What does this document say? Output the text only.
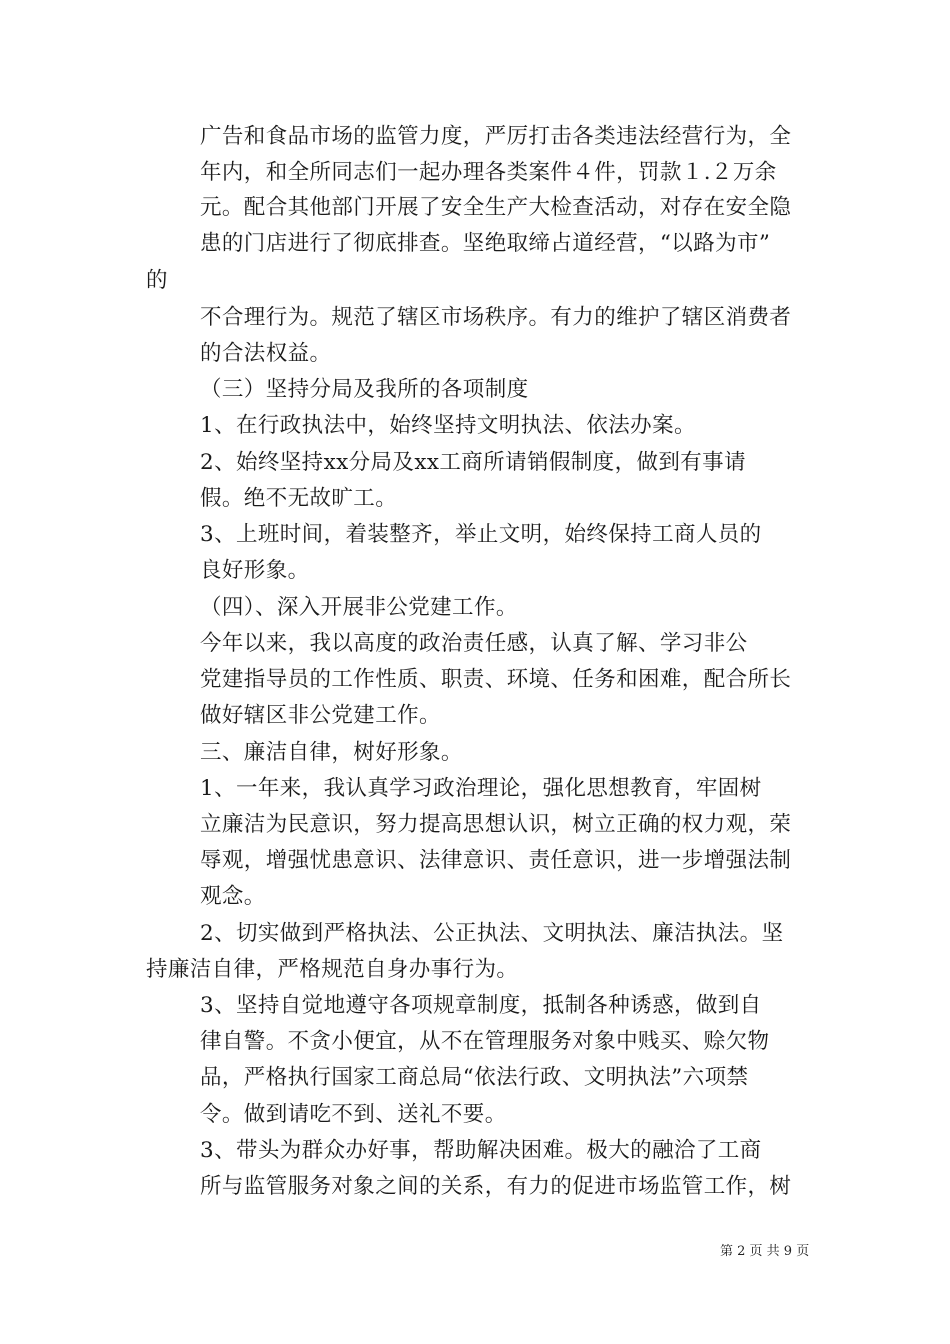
广告和食品市场的监管力度，严厉打击各类违法经营行为，全
年内，和全所同志们一起办理各类案件４件，罚款１.２万余
元。配合其他部门开展了安全生产大检查活动，对存在安全隐
患的门店进行了彻底排查。坚绝取缔占道经营，“以路为市”
的
不合理行为。规范了辖区市场秩序。有力的维护了辖区消费者
的合法权益。
（三）坚持分局及我所的各项制度
1、在行政执法中，始终坚持文明执法、依法办案。
2、始终坚持xx分局及xx工商所请销假制度，做到有事请
假。绝不无故旷工。
3、上班时间，着装整齐，举止文明，始终保持工商人员的
良好形象。
（四）、深入开展非公党建工作。
今年以来，我以高度的政治责任感，认真了解、学习非公
党建指导员的工作性质、职责、环境、任务和困难，配合所长
做好辖区非公党建工作。
三、廉洁自律，树好形象。
1、一年来，我认真学习政治理论，强化思想教育，牢固树
立廉洁为民意识，努力提高思想认识，树立正确的权力观，荣
辱观，增强忧患意识、法律意识、责任意识，进一步增强法制
观念。
2、切实做到严格执法、公正执法、文明执法、廉洁执法。坚
持廉洁自律，严格规范自身办事行为。
3、坚持自觉地遵守各项规章制度，抵制各种诱惑，做到自
律自警。不贪小便宜，从不在管理服务对象中贱买、赊欠物
品，严格执行国家工商总局“依法行政、文明执法”六项禁
令。做到请吃不到、送礼不要。
3、带头为群众办好事，帮助解决困难。极大的融洽了工商
所与监管服务对象之间的关系，有力的促进市场监管工作，树
第 2 页 共 9 页
